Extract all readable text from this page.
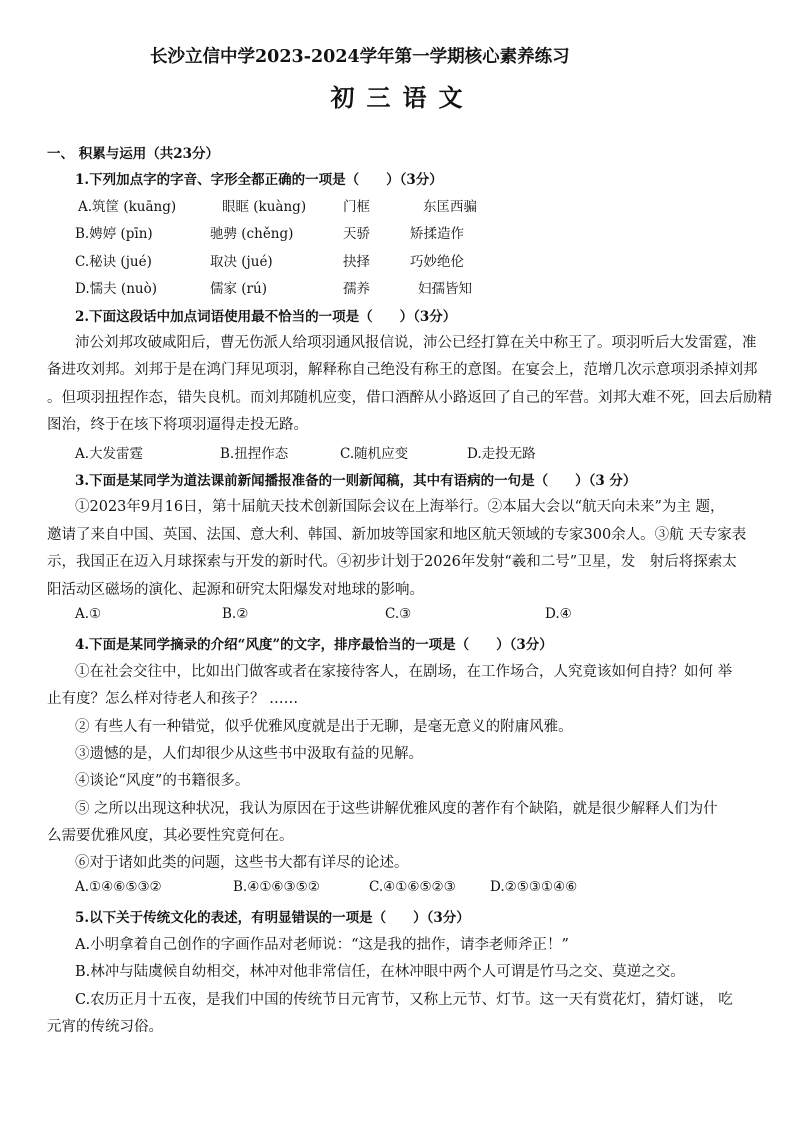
长沙立信中学2023-2024学年第一学期核心素养练习
初三语文
一、 积累与运用（共23分）
1.下列加点字的字音、字形全都正确的一项是（　　）（3分）
A.筑筐 (kuāng)	眼眶 (kuàng)	门框	东匡西骗
B.娉婷 (pīn)	驰骋 (chěng)	天骄	矫揉造作
C.秘诀 (jué)	取决 (jué)	抉择	巧妙绝伦
D.懦夫 (nuò)	儒家 (rú)	孺养	妇孺皆知
2.下面这段话中加点词语使用最不恰当的一项是（　　）（3分）
沛公刘邦攻破咸阳后，曹无伤派人给项羽通风报信说，沛公已经打算在关中称王了。项羽听后大发雷霆，准
备进攻刘邦。刘邦于是在鸿门拜见项羽，解释称自己绝没有称王的意图。在宴会上，范增几次示意项羽杀掉刘邦
。但项羽扭捏作态，错失良机。而刘邦随机应变，借口酒醉从小路返回了自己的军营。刘邦大难不死，回去后励精
图治，终于在垓下将项羽逼得走投无路。
A.大发雷霆	B.扭捏作态	C.随机应变	D.走投无路
3.下面是某同学为道法课前新闻播报准备的一则新闻稿，其中有语病的一句是（　　）（3 分）
①2023年9月16日，第十届航天技术创新国际会议在上海举行。②本届大会以“航天向未来”为主 题，
邀请了来自中国、英国、法国、意大利、韩国、新加坡等国家和地区航天领域的专家300余人。③航 天专家表
示，我国正在迈入月球探索与开发的新时代。④初步计划于2026年发射“羲和二号”卫星，发　射后将探索太
阳活动区磁场的演化、起源和研究太阳爆发对地球的影响。
A.①	B.②	C.③	D.④
4.下面是某同学摘录的介绍“风度”的文字，排序最恰当的一项是（　　）（3分）
①在社会交往中，比如出门做客或者在家接待客人，在剧场，在工作场合，人究竟该如何自持？如何 举
止有度？怎么样对待老人和孩子？ ……
② 有些人有一种错觉，似乎优雅风度就是出于无聊，是毫无意义的附庸风雅。
③遗憾的是，人们却很少从这些书中汲取有益的见解。
④谈论“风度”的书籍很多。
⑤ 之所以出现这种状况，我认为原因在于这些讲解优雅风度的著作有个缺陷，就是很少解释人们为什
么需要优雅风度，其必要性究竟何在。
⑥对于诸如此类的问题，这些书大都有详尽的论述。
A.①④⑥⑤③②	B.④①⑥③⑤②	C.④①⑥⑤②③	D.②⑤③①④⑥
5.以下关于传统文化的表述，有明显错误的一项是（　　）（3分）
A.小明拿着自己创作的字画作品对老师说：“这是我的拙作，请李老师斧正！”
B.林冲与陆虞候自幼相交，林冲对他非常信任，在林冲眼中两个人可谓是竹马之交、莫逆之交。
C.农历正月十五夜，是我们中国的传统节日元宵节，又称上元节、灯节。这一天有赏花灯，猜灯谜， 吃
元宵的传统习俗。
